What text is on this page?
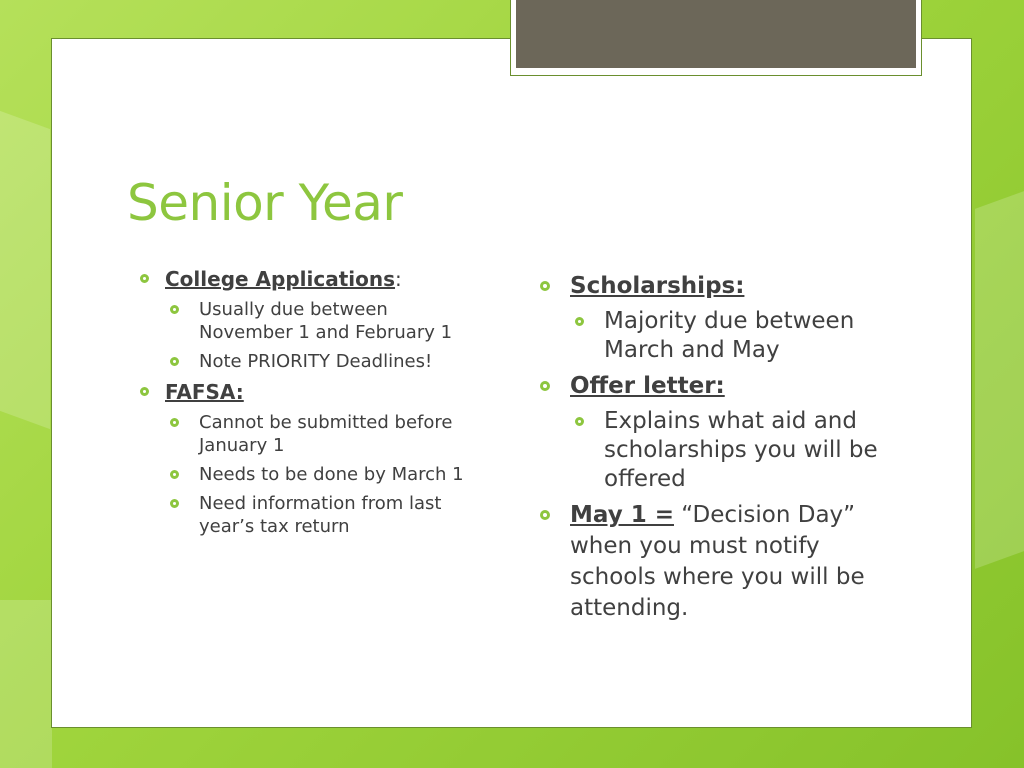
Senior Year
College Applications:
Usually due between November 1 and February 1
Note PRIORITY Deadlines!
FAFSA:
Cannot be submitted before January 1
Needs to be done by March 1
Need information from last year’s tax return
Scholarships:
Majority due between March and May
Offer letter:
Explains what aid and scholarships you will be offered
May 1 = “Decision Day” when you must notify schools where you will be attending.
